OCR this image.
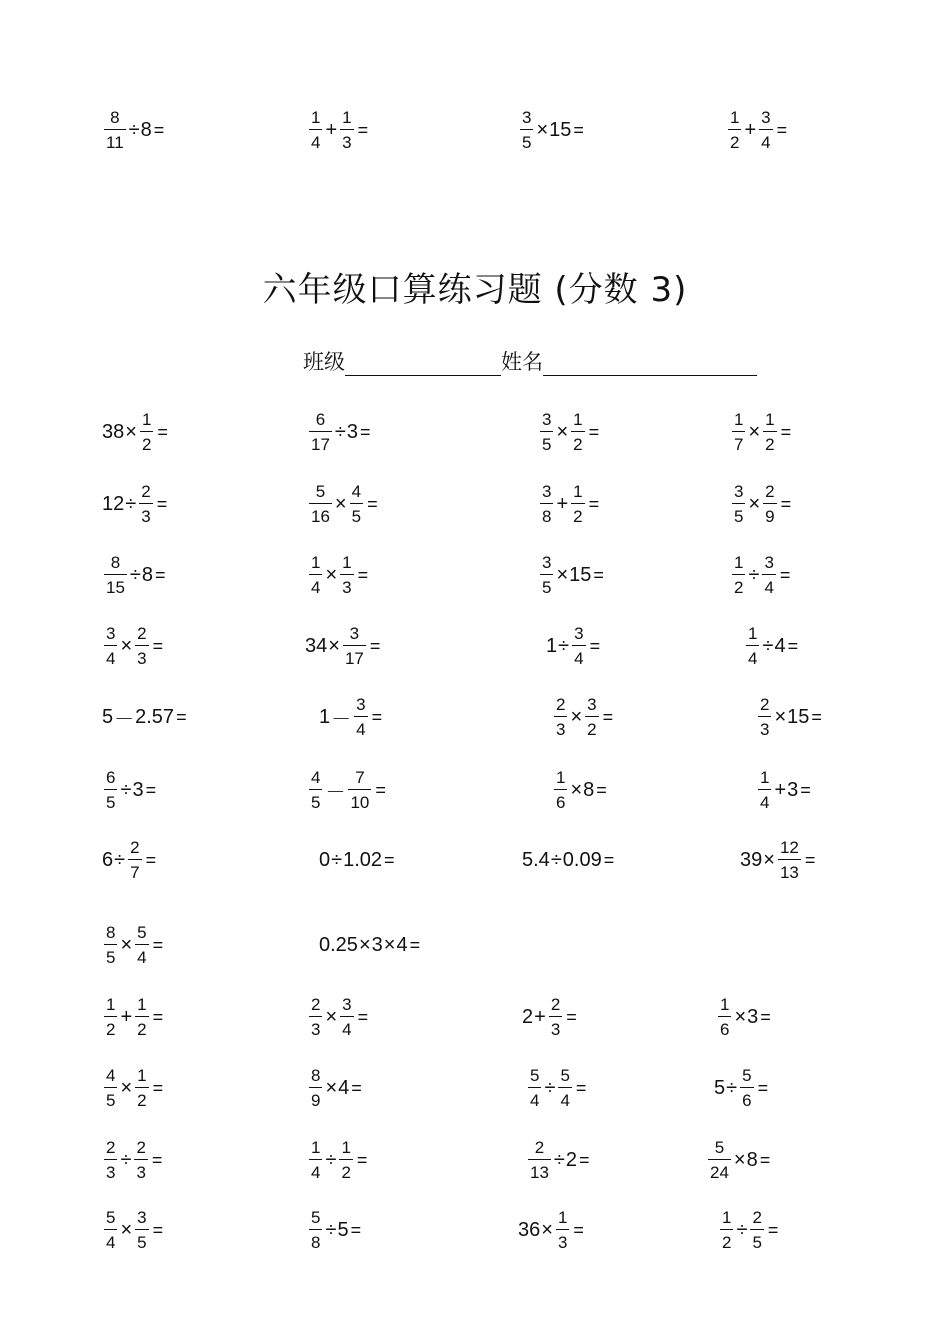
$\frac{8}{11} \div 8$ =	$\frac{1}{4} + \frac{1}{3}$ =	$\frac{3}{5} \times 15$ =	$\frac{1}{2} + \frac{3}{4}$ =
$38 \times \frac{1}{2}$ =	$\frac{6}{17} \div 3$ =	$\frac{3}{5} \times \frac{1}{2}$ =	$\frac{1}{7} \times \frac{1}{2}$ =
$12 \div \frac{2}{3}$ =	$\frac{5}{16} \times \frac{4}{5}$ =	$\frac{3}{8} + \frac{1}{2}$ =	$\frac{3}{5} \times \frac{2}{9}$ =
$\frac{8}{15} \div 8$ =	$\frac{1}{4} \times \frac{1}{3}$ =	$\frac{3}{5} \times 15$ =	$\frac{1}{2} \div \frac{3}{4}$ =
$\frac{3}{4} \times \frac{2}{3}$ =	$34 \times \frac{3}{17}$ =	$1 \div \frac{3}{4}$ =	$\frac{1}{4} \div 4$ =
5 － 2.57 =	$1 - \frac{3}{4}$ =	$\frac{2}{3} \times \frac{3}{2}$ =	$\frac{2}{3} \times 15$ =
$\frac{6}{5} \div 3$ =	$\frac{4}{5} - \frac{7}{10}$ =	$\frac{1}{6} \times 8$ =	$\frac{1}{4} + 3$ =
$6 \div \frac{2}{7}$ =	0 ÷ 1.02 =	5.4 ÷ 0.09 =	$39 \times \frac{12}{13}$ =
$\frac{8}{5} \times \frac{5}{4}$ =	0.25 × 3 × 4 =
$\frac{1}{2} + \frac{1}{2}$ =	$\frac{2}{3} \times \frac{3}{4}$ =	$2 + \frac{2}{3}$ =	$\frac{1}{6} \times 3$ =
$\frac{4}{5} \times \frac{1}{2}$ =	$\frac{8}{9} \times 4$ =	$\frac{5}{4} \div \frac{5}{4}$ =	$5 \div \frac{5}{6}$ =
$\frac{2}{3} \div \frac{2}{3}$ =	$\frac{1}{4} \div \frac{1}{2}$ =	$\frac{2}{13} \div 2$ =	$\frac{5}{24} \times 8$ =
$\frac{5}{4} \times \frac{3}{5}$ =	$\frac{5}{8} \div 5$ =	$36 \times \frac{1}{3}$ =	$\frac{1}{2} \div \frac{2}{5}$ =
六年级口算练习题 (分数 3)
班级	姓名
